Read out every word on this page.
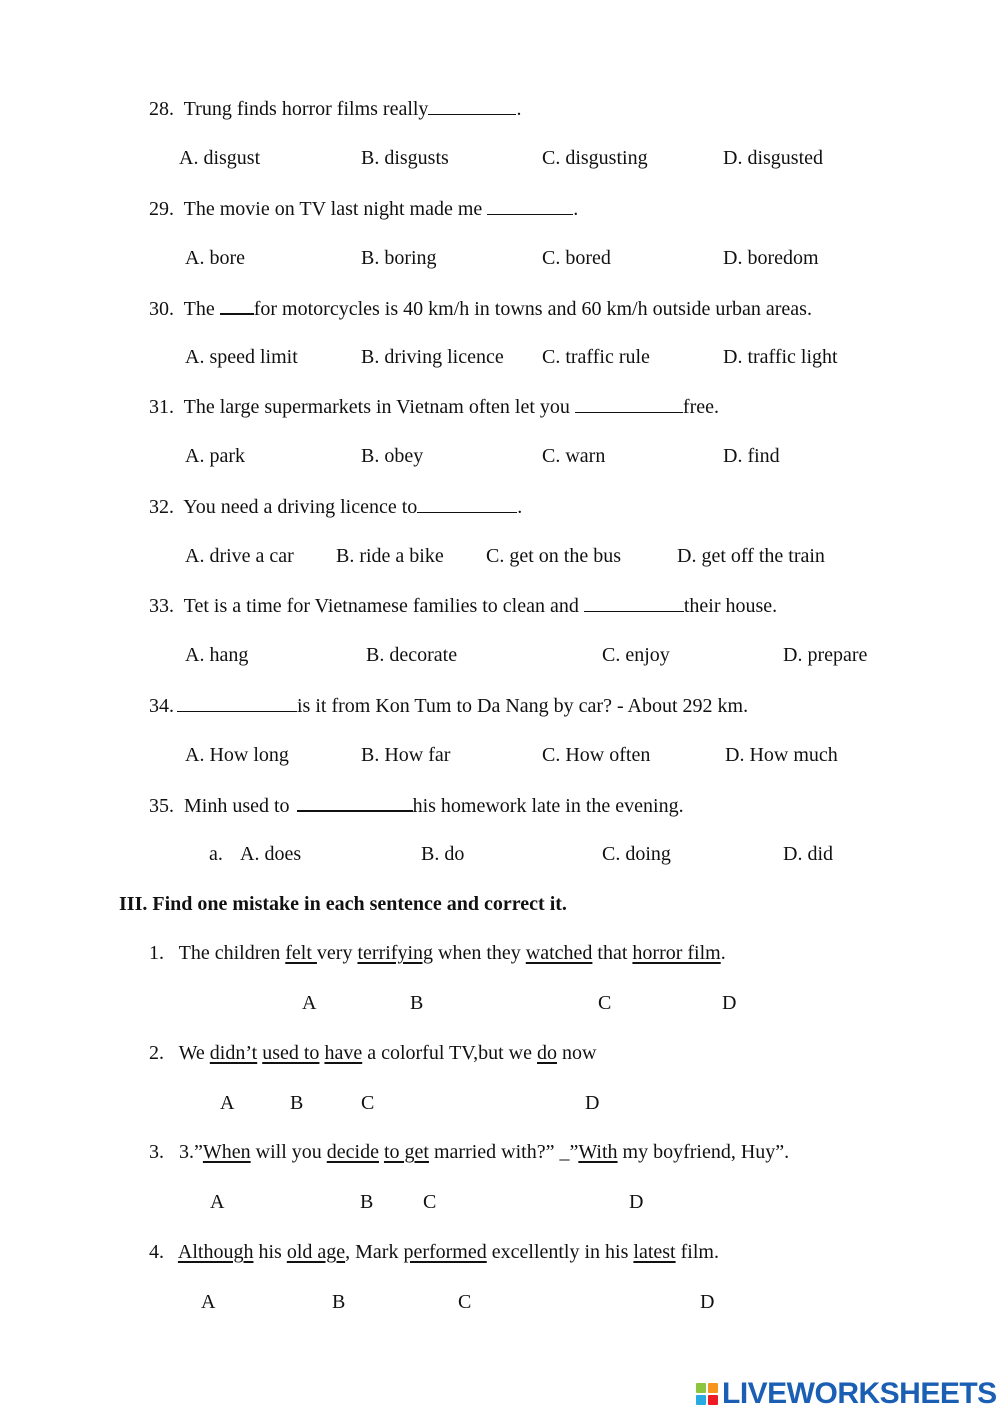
28. Trung finds horror films really	.
A. disgust	B. disgusts	C. disgusting	D. disgusted
29. The movie on TV last night made me	.
A. bore	B. boring	C. bored	D. boredom
30. The for motorcycles is 40 km/h in towns and 60 km/h outside urban areas.
A. speed limit	B. driving licence C. traffic rule	D. traffic light
31. The large supermarkets in Vietnam often let you	free.
A. park	B. obey	C. warn	D. find
32. You need a driving licence to	.
A. drive a car B. ride a bike C. get on the bus	D. get off the train
33. Tet is a time for Vietnamese families to clean and	their house.
A. hang	B. decorate	C. enjoy	D. prepare
34.	is it from Kon Tum to Da Nang by car? - About 292 km.
A. How long	B. How far	C. How often	D. How much
35. Minh used to	his homework late in the evening.
a. A. does	B. do	C. doing	D. did
III. Find one mistake in each sentence and correct it.
1. The children felt very terrifying when they watched that horror film.
A	B	C	D
2. We didn’t used to have a colorful TV,but we do now
A	B	C	D
3. 3.”When will you decide to get married with?” _”With my boyfriend, Huy”.
A	B C	D
4. Although his old age, Mark performed excellently in his latest film.
A	B	C	D
LIVEWORKSHEETS
